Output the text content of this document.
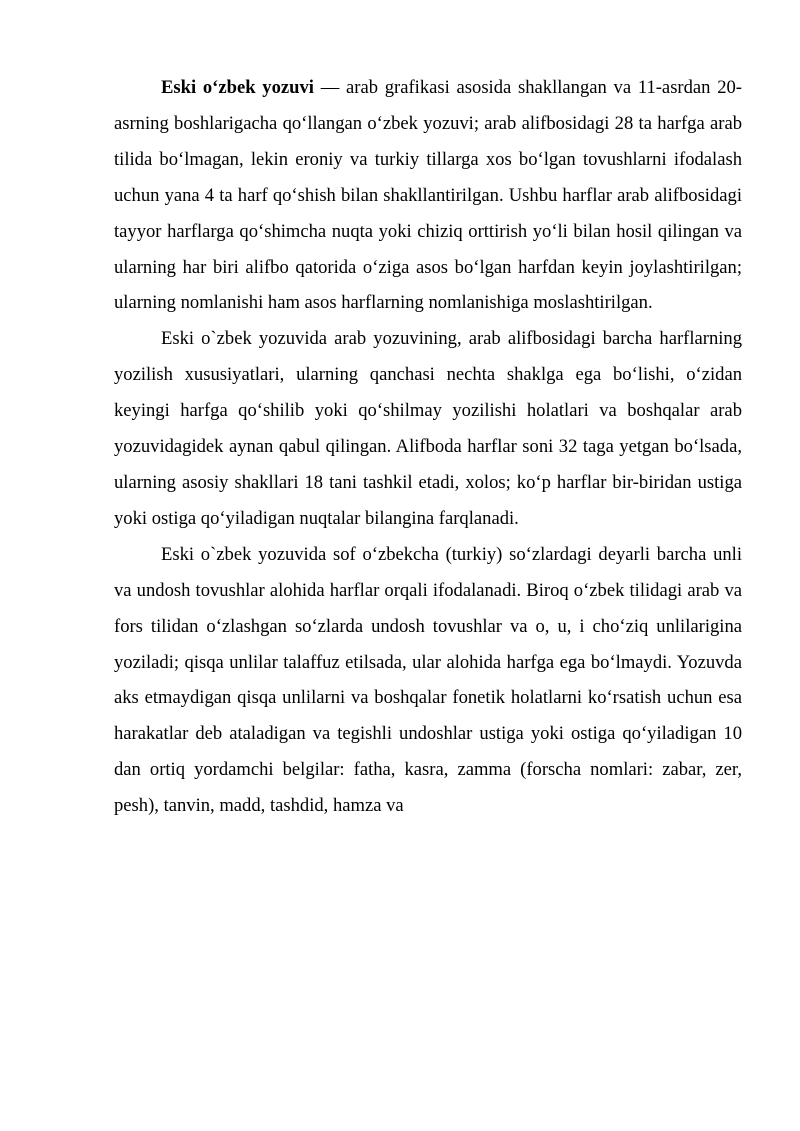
Eski o‘zbek yozuvi — arab grafikasi asosida shakllangan va 11-asrdan 20-asrning boshlarigacha qo‘llangan o‘zbek yozuvi; arab alifbosidagi 28 ta harfga arab tilida bo‘lmagan, lekin eroniy va turkiy tillarga xos bo‘lgan tovushlarni ifodalash uchun yana 4 ta harf qo‘shish bilan shakllantirilgan. Ushbu harflar arab alifbosidagi tayyor harflarga qo‘shimcha nuqta yoki chiziq orttirish yo‘li bilan hosil qilingan va ularning har biri alifbo qatorida o‘ziga asos bo‘lgan harfdan keyin joylashtirilgan; ularning nomlanishi ham asos harflarning nomlanishiga moslashtirilgan.

Eski o`zbek yozuvida arab yozuvining, arab alifbosidagi barcha harflarning yozilish xususiyatlari, ularning qanchasi nechta shaklga ega bo‘lishi, o‘zidan keyingi harfga qo‘shilib yoki qo‘shilmay yozilishi holatlari va boshqalar arab yozuvidagidek aynan qabul qilingan. Alifboda harflar soni 32 taga yetgan bo‘lsada, ularning asosiy shakllari 18 tani tashkil etadi, xolos; ko‘p harflar bir-biridan ustiga yoki ostiga qo‘yiladigan nuqtalar bilangina farqlanadi.

Eski o`zbek yozuvida sof o‘zbekcha (turkiy) so‘zlardagi deyarli barcha unli va undosh tovushlar alohida harflar orqali ifodalanadi. Biroq o‘zbek tilidagi arab va fors tilidan o‘zlashgan so‘zlarda undosh tovushlar va o, u, i cho‘ziq unlilarigina yoziladi; qisqa unlilar talaffuz etilsada, ular alohida harfga ega bo‘lmaydi. Yozuvda aks etmaydigan qisqa unlilarni va boshqalar fonetik holatlarni ko‘rsatish uchun esa harakatlar deb ataladigan va tegishli undoshlar ustiga yoki ostiga qo‘yiladigan 10 dan ortiq yordamchi belgilar: fatha, kasra, zamma (forscha nomlari: zabar, zer, pesh), tanvin, madd, tashdid, hamza va
